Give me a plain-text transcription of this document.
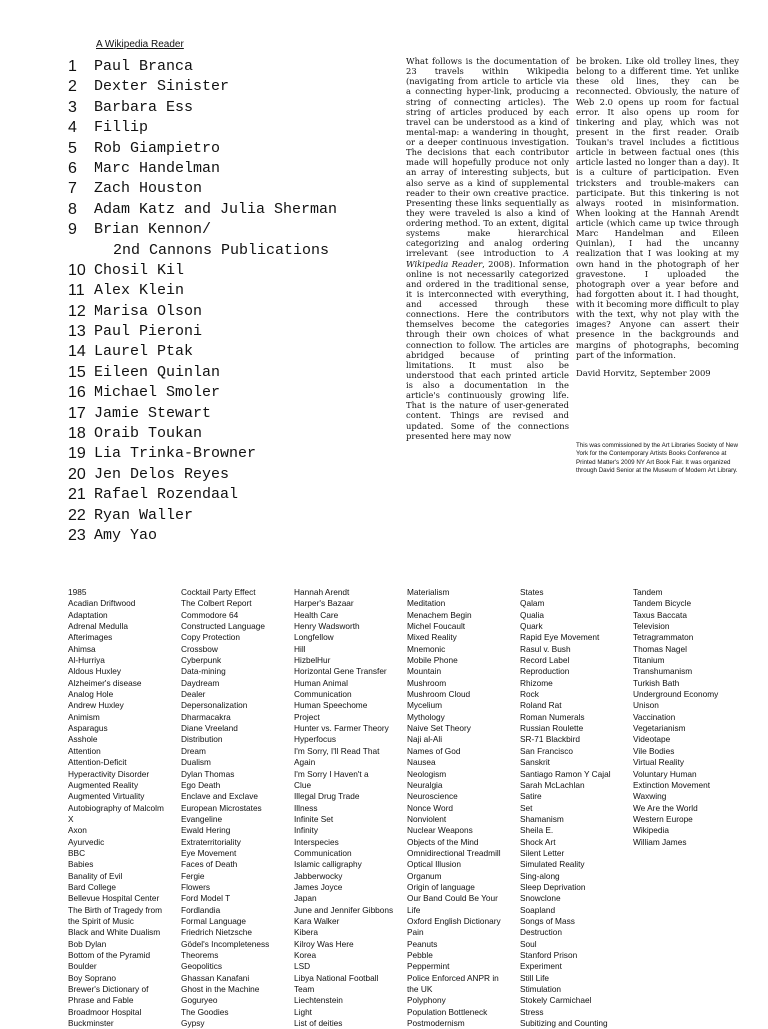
A Wikipedia Reader
1	Paul Branca
2	Dexter Sinister
3	Barbara Ess
4	Fillip
5	Rob Giampietro
6	Marc Handelman
7	Zach Houston
8	Adam Katz and Julia Sherman
9	Brian Kennon/
2nd Cannons Publications
10 Chosil Kil
11 Alex Klein
12 Marisa Olson
13 Paul Pieroni
14 Laurel Ptak
15 Eileen Quinlan
16 Michael Smoler
17 Jamie Stewart
18 Oraib Toukan
19 Lia Trinka-Browner
20 Jen Delos Reyes
21 Rafael Rozendaal
22 Ryan Waller
23 Amy Yao

What follows is the documentation of 23 travels within Wikipedia (navigating from article to article via a connecting hyper-link, producing a string of connecting articles). The string of articles produced by each travel can be understood as a kind of mental-map: a wandering in thought, or a deeper continuous investigation. The decisions that each contributor made will hopefully produce not only an array of interesting subjects, but also serve as a kind of supplemental reader to their own creative practice. Presenting these links sequentially as they were traveled is also a kind of ordering method. To an extent, digital systems make hierarchical categorizing and analog ordering irrelevant (see introduction to A Wikipedia Reader, 2008). Information online is not necessarily categorized and ordered in the traditional sense, it is interconnected with everything, and accessed through these connections. Here the contributors themselves become the categories through their own choices of what connection to follow. The articles are abridged because of printing limitations. It must also be understood that each printed article is also a documentation in the article's continuously growing life. That is the nature of user-generated content. Things are revised and updated. Some of the connections presented here may now

be broken. Like old trolley lines, they belong to a different time. Yet unlike these old lines, they can be reconnected. Obviously, the nature of Web 2.0 opens up room for factual error. It also opens up room for tinkering and play, which was not present in the first reader. Oraib Toukan's travel includes a fictitious article in between factual ones (this article lasted no longer than a day). It is a culture of participation. Even tricksters and trouble-makers can participate. But this tinkering is not always rooted in misinformation. When looking at the Hannah Arendt article (which came up twice through Marc Handelman and Eileen Quinlan), I had the uncanny realization that I was looking at my own hand in the photograph of her gravestone. I uploaded the photograph over a year before and had forgotten about it. I had thought, with it becoming more difficult to play with the text, why not play with the images? Anyone can assert their presence in the backgrounds and margins of photographs, becoming part of the information.

David Horvitz, September 2009

This was commissioned by the Art Libraries Society of New York for the Contemporary Artists Books Conference at Printed Matter's 2009 NY Art Book Fair. It was organized through David Senior at the Museum of Modern Art Library.
1985
Acadian Driftwood
Adaptation
Adrenal Medulla
Afterimages
Ahimsa
Al-Hurriya
Aldous Huxley
Alzheimer's disease
Analog Hole
Andrew Huxley
Animism
Asparagus
Asshole
Attention
Attention-Deficit
Hyperactivity Disorder
Augmented Reality
Augmented Virtuality
Autobiography of Malcolm
X
Axon
Ayurvedic
BBC
Babies
Banality of Evil
Bard College
Bellevue Hospital Center
The Birth of Tragedy from
the Spirit of Music
Black and White Dualism
Bob Dylan
Bottom of the Pyramid
Boulder
Boy Soprano
Brewer's Dictionary of
Phrase and Fable
Broadmoor Hospital
Buckminster
Cocktail Party Effect
The Colbert Report
Commodore 64
Constructed Language
Copy Protection
Crossbow
Cyberpunk
Data-mining
Daydream
Dealer
Depersonalization
Dharmacakra
Diane Vreeland
Distribution
Dream
Dualism
Dylan Thomas
Ego Death
Enclave and Exclave
European Microstates
Evangeline
Ewald Hering
Extraterritoriality
Eye Movement
Faces of Death
Fergie
Flowers
Ford Model T
Fordlandia
Formal Language
Friedrich Nietzsche
Gödel's Incompleteness
Theorems
Geopolitics
Ghassan Kanafani
Ghost in the Machine
Goguryeo
The Goodies
Gypsy
Hannah Arendt
Harper's Bazaar
Health Care
Henry Wadsworth
Longfellow
Hill
HizbelHur
Horizontal Gene Transfer
Human Animal
Communication
Human Speechome
Project
Hunter vs. Farmer Theory
Hyperfocus
I'm Sorry, I'll Read That
Again
I'm Sorry I Haven't a
Clue
Illegal Drug Trade
Illness
Infinite Set
Infinity
Interspecies
Communication
Islamic calligraphy
Jabberwocky
James Joyce
Japan
June and Jennifer Gibbons
Kara Walker
Kibera
Kilroy Was Here
Korea
LSD
Libya National Football
Team
Liechtenstein
Light
List of deities
Materialism
Meditation
Menachem Begin
Michel Foucault
Mixed Reality
Mnemonic
Mobile Phone
Mountain
Mushroom
Mushroom Cloud
Mycelium
Mythology
Naive Set Theory
Naji al-Ali
Names of God
Nausea
Neologism
Neuralgia
Neuroscience
Nonce Word
Nonviolent
Nuclear Weapons
Objects of the Mind
Omnidirectional Treadmill
Optical Illusion
Organum
Origin of language
Our Band Could Be Your
Life
Oxford English Dictionary
Pain
Peanuts
Pebble
Peppermint
Police Enforced ANPR in
the UK
Polyphony
Population Bottleneck
Postmodernism
States
Qalam
Qualia
Quark
Rapid Eye Movement
Rasul v. Bush
Record Label
Reproduction
Rhizome
Rock
Roland Rat
Roman Numerals
Russian Roulette
SR-71 Blackbird
San Francisco
Sanskrit
Santiago Ramon Y Cajal
Sarah McLachlan
Satire
Set
Shamanism
Sheila E.
Shock Art
Silent Letter
Simulated Reality
Sing-along
Sleep Deprivation
Snowclone
Soapland
Songs of Mass
Destruction
Soul
Stanford Prison
Experiment
Still Life
Stimulation
Stokely Carmichael
Stress
Subitizing and Counting
Tandem
Tandem Bicycle
Taxus Baccata
Television
Tetragrammaton
Thomas Nagel
Titanium
Transhumanism
Turkish Bath
Underground Economy
Unison
Vaccination
Vegetarianism
Videotape
Vile Bodies
Virtual Reality
Voluntary Human
Extinction Movement
Waxwing
We Are the World
Western Europe
Wikipedia
William James
